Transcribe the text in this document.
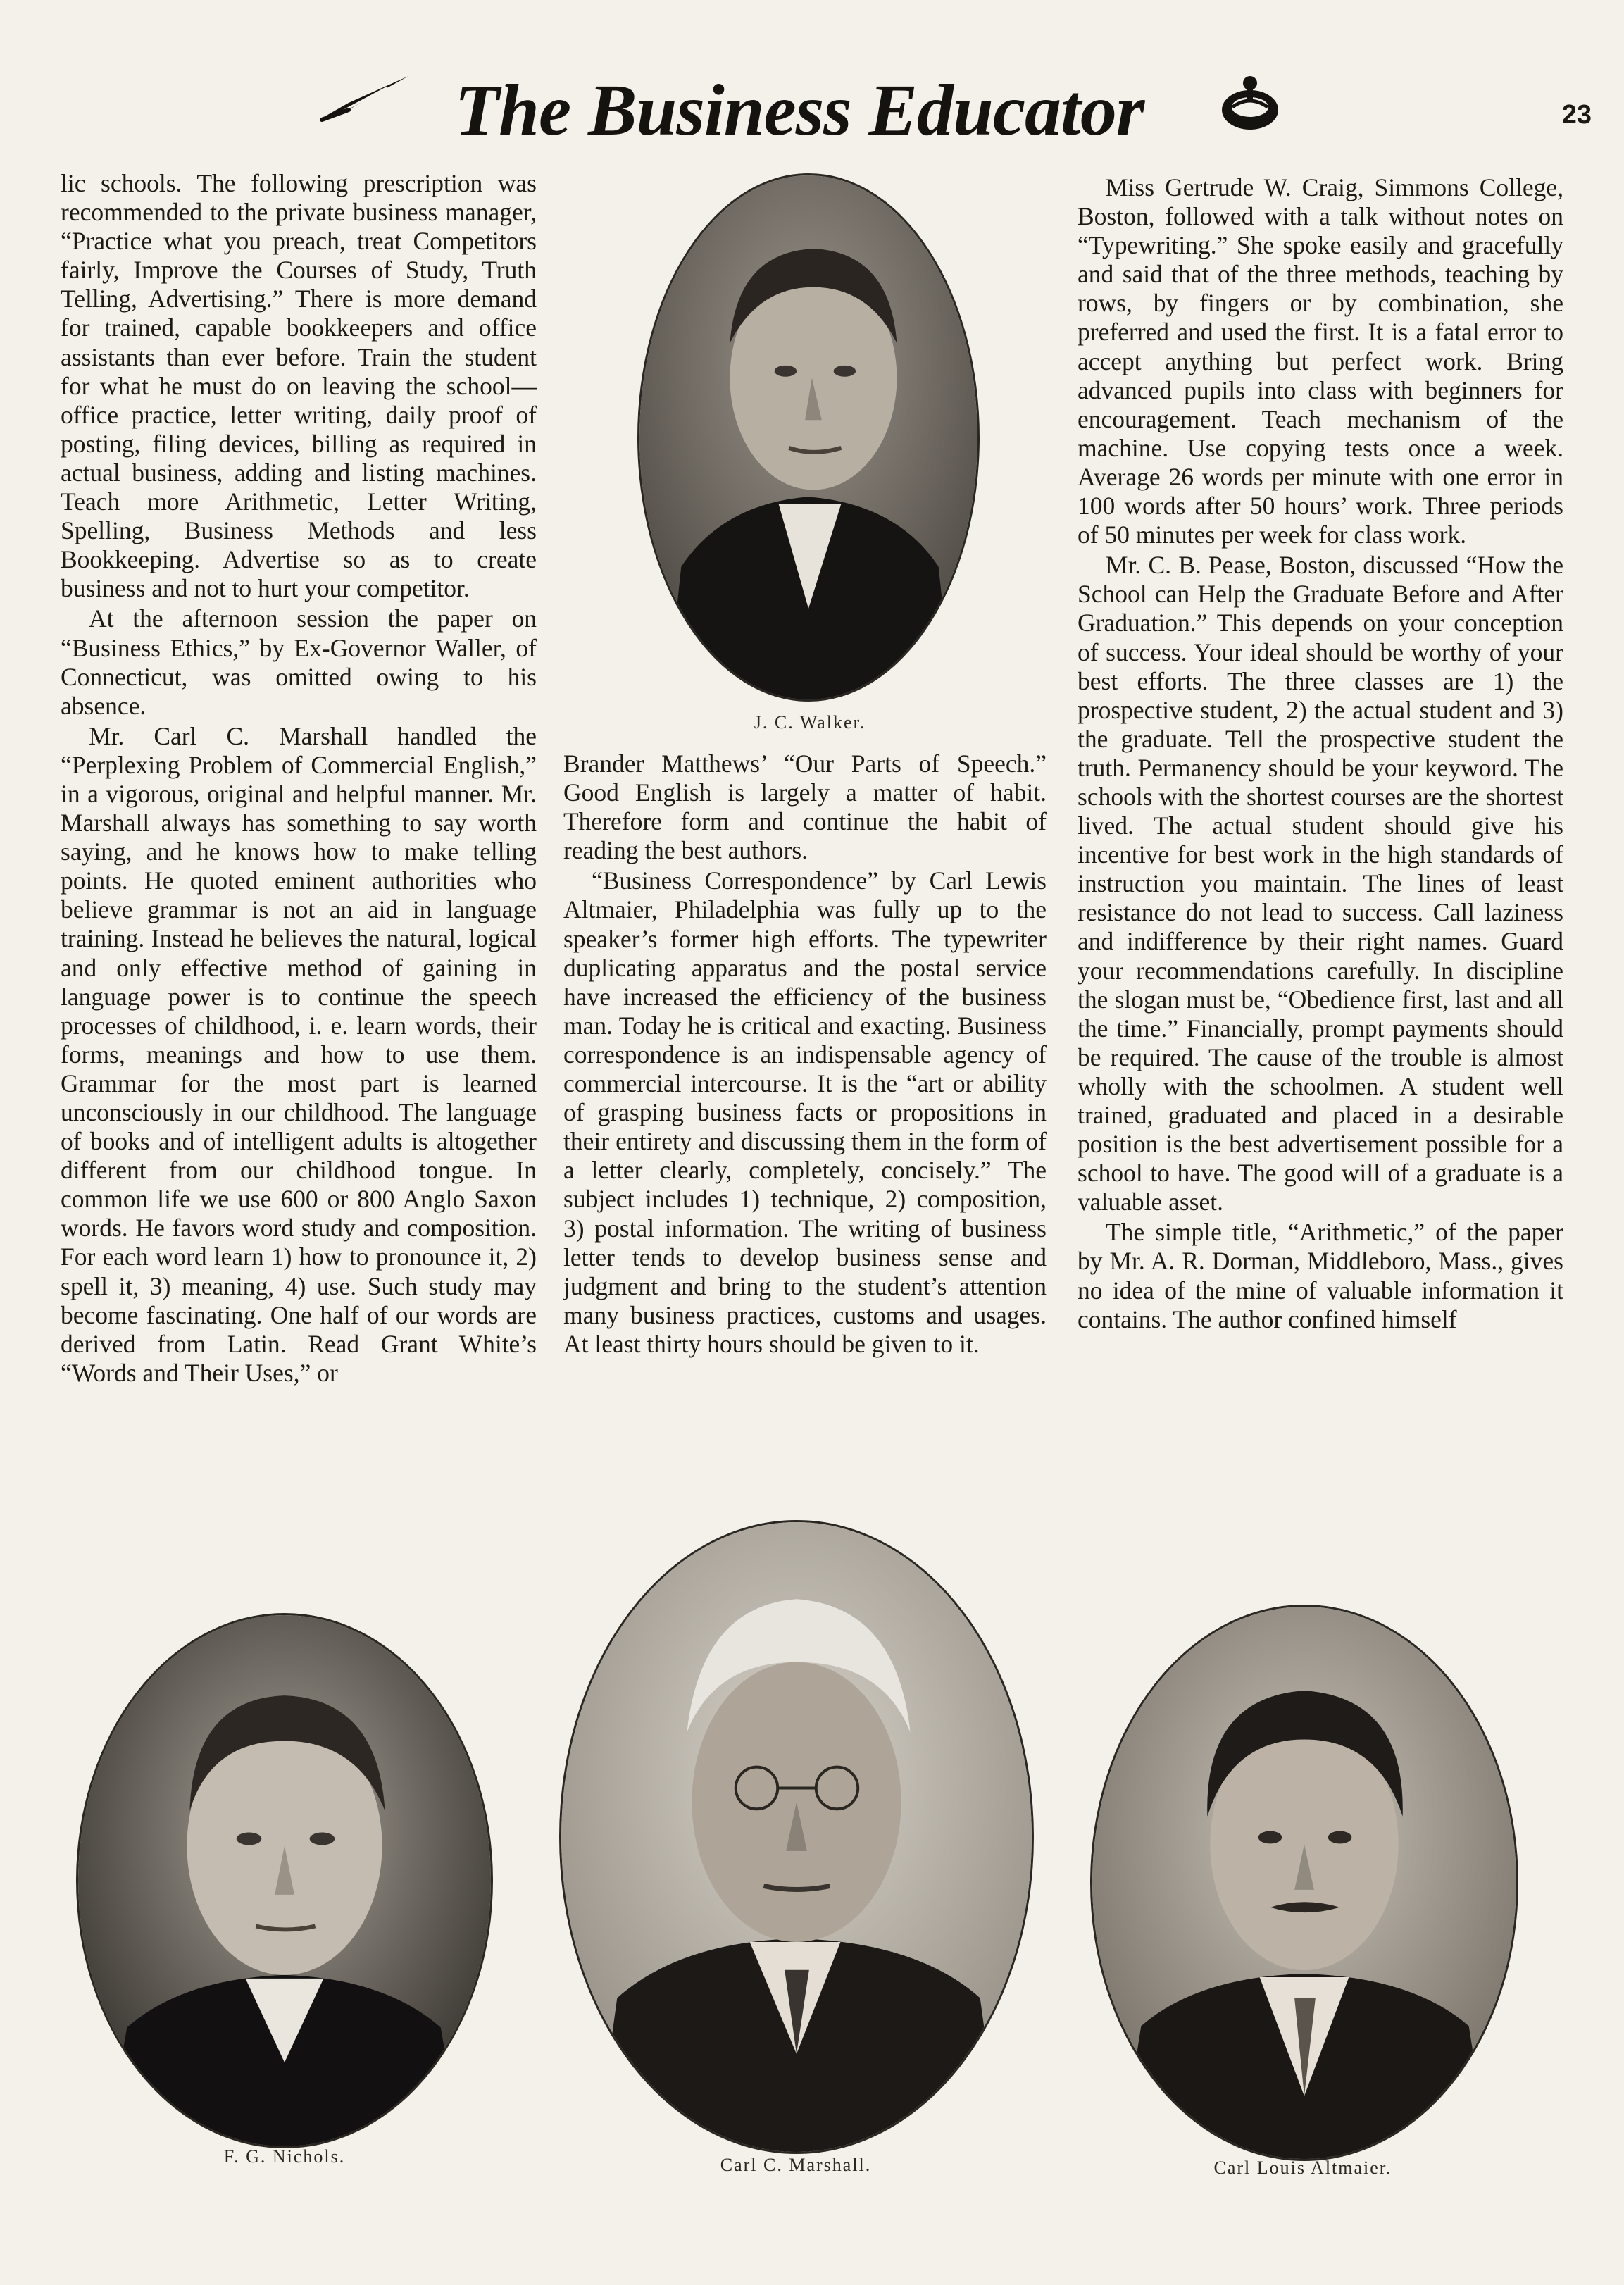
The Business Educator	23

lic schools. The following prescription was recommended to the private business manager, “Practice what you preach, treat Competitors fairly, Improve the Courses of Study, Truth Telling, Advertising.” There is more demand for trained, capable bookkeepers and office assistants than ever before. Train the student for what he must do on leaving the school—office practice, letter writing, daily proof of posting, filing devices, billing as required in actual business, adding and listing machines. Teach more Arithmetic, Letter Writing, Spelling, Business Methods and less Bookkeeping. Advertise so as to create business and not to hurt your competitor.

At the afternoon session the paper on “Business Ethics,” by Ex-Governor Waller, of Connecticut, was omitted owing to his absence.

Mr. Carl C. Marshall handled the “Perplexing Problem of Commercial English,” in a vigorous, original and helpful manner. Mr. Marshall always has something to say worth saying, and he knows how to make telling points. He quoted eminent authorities who believe grammar is not an aid in language training. Instead he believes the natural, logical and only effective method of gaining in language power is to continue the speech processes of childhood, i. e. learn words, their forms, meanings and how to use them. Grammar for the most part is learned unconsciously in our childhood. The language of books and of intelligent adults is altogether different from our childhood tongue. In common life we use 600 or 800 Anglo Saxon words. He favors word study and composition. For each word learn 1) how to pronounce it, 2) spell it, 3) meaning, 4) use. Such study may become fascinating. One half of our words are derived from Latin. Read Grant White’s “Words and Their Uses,” or

Brander Matthews’ “Our Parts of Speech.” Good English is largely a matter of habit. Therefore form and continue the habit of reading the best authors.

“Business Correspondence” by Carl Lewis Altmaier, Philadelphia was fully up to the speaker’s former high efforts. The typewriter duplicating apparatus and the postal service have increased the efficiency of the business man. Today he is critical and exacting. Business correspondence is an indispensable agency of commercial intercourse. It is the “art or ability of grasping business facts or propositions in their entirety and discussing them in the form of a letter clearly, completely, concisely.” The subject includes 1) technique, 2) composition, 3) postal information. The writing of business letter tends to develop business sense and judgment and bring to the student’s attention many business practices, customs and usages. At least thirty hours should be given to it.

Miss Gertrude W. Craig, Simmons College, Boston, followed with a talk without notes on “Typewriting.” She spoke easily and gracefully and said that of the three methods, teaching by rows, by fingers or by combination, she preferred and used the first. It is a fatal error to accept anything but perfect work. Bring advanced pupils into class with beginners for encouragement. Teach mechanism of the machine. Use copying tests once a week. Average 26 words per minute with one error in 100 words after 50 hours’ work. Three periods of 50 minutes per week for class work.

Mr. C. B. Pease, Boston, discussed “How the School can Help the Graduate Before and After Graduation.” This depends on your conception of success. Your ideal should be worthy of your best efforts. The three classes are 1) the prospective student, 2) the actual student and 3) the graduate. Tell the prospective student the truth. Permanency should be your keyword. The schools with the shortest courses are the shortest lived. The actual student should give his incentive for best work in the high standards of instruction you maintain. The lines of least resistance do not lead to success. Call laziness and indifference by their right names. Guard your recommendations carefully. In discipline the slogan must be, “Obedience first, last and all the time.” Financially, prompt payments should be required. The cause of the trouble is almost wholly with the schoolmen. A student well trained, graduated and placed in a desirable position is the best advertisement possible for a school to have. The good will of a graduate is a valuable asset.

The simple title, “Arithmetic,” of the paper by Mr. A. R. Dorman, Middleboro, Mass., gives no idea of the mine of valuable information it contains. The author confined himself

J. C. Walker.
F. G. Nichols.	Carl C. Marshall.	Carl Louis Altmaier.
